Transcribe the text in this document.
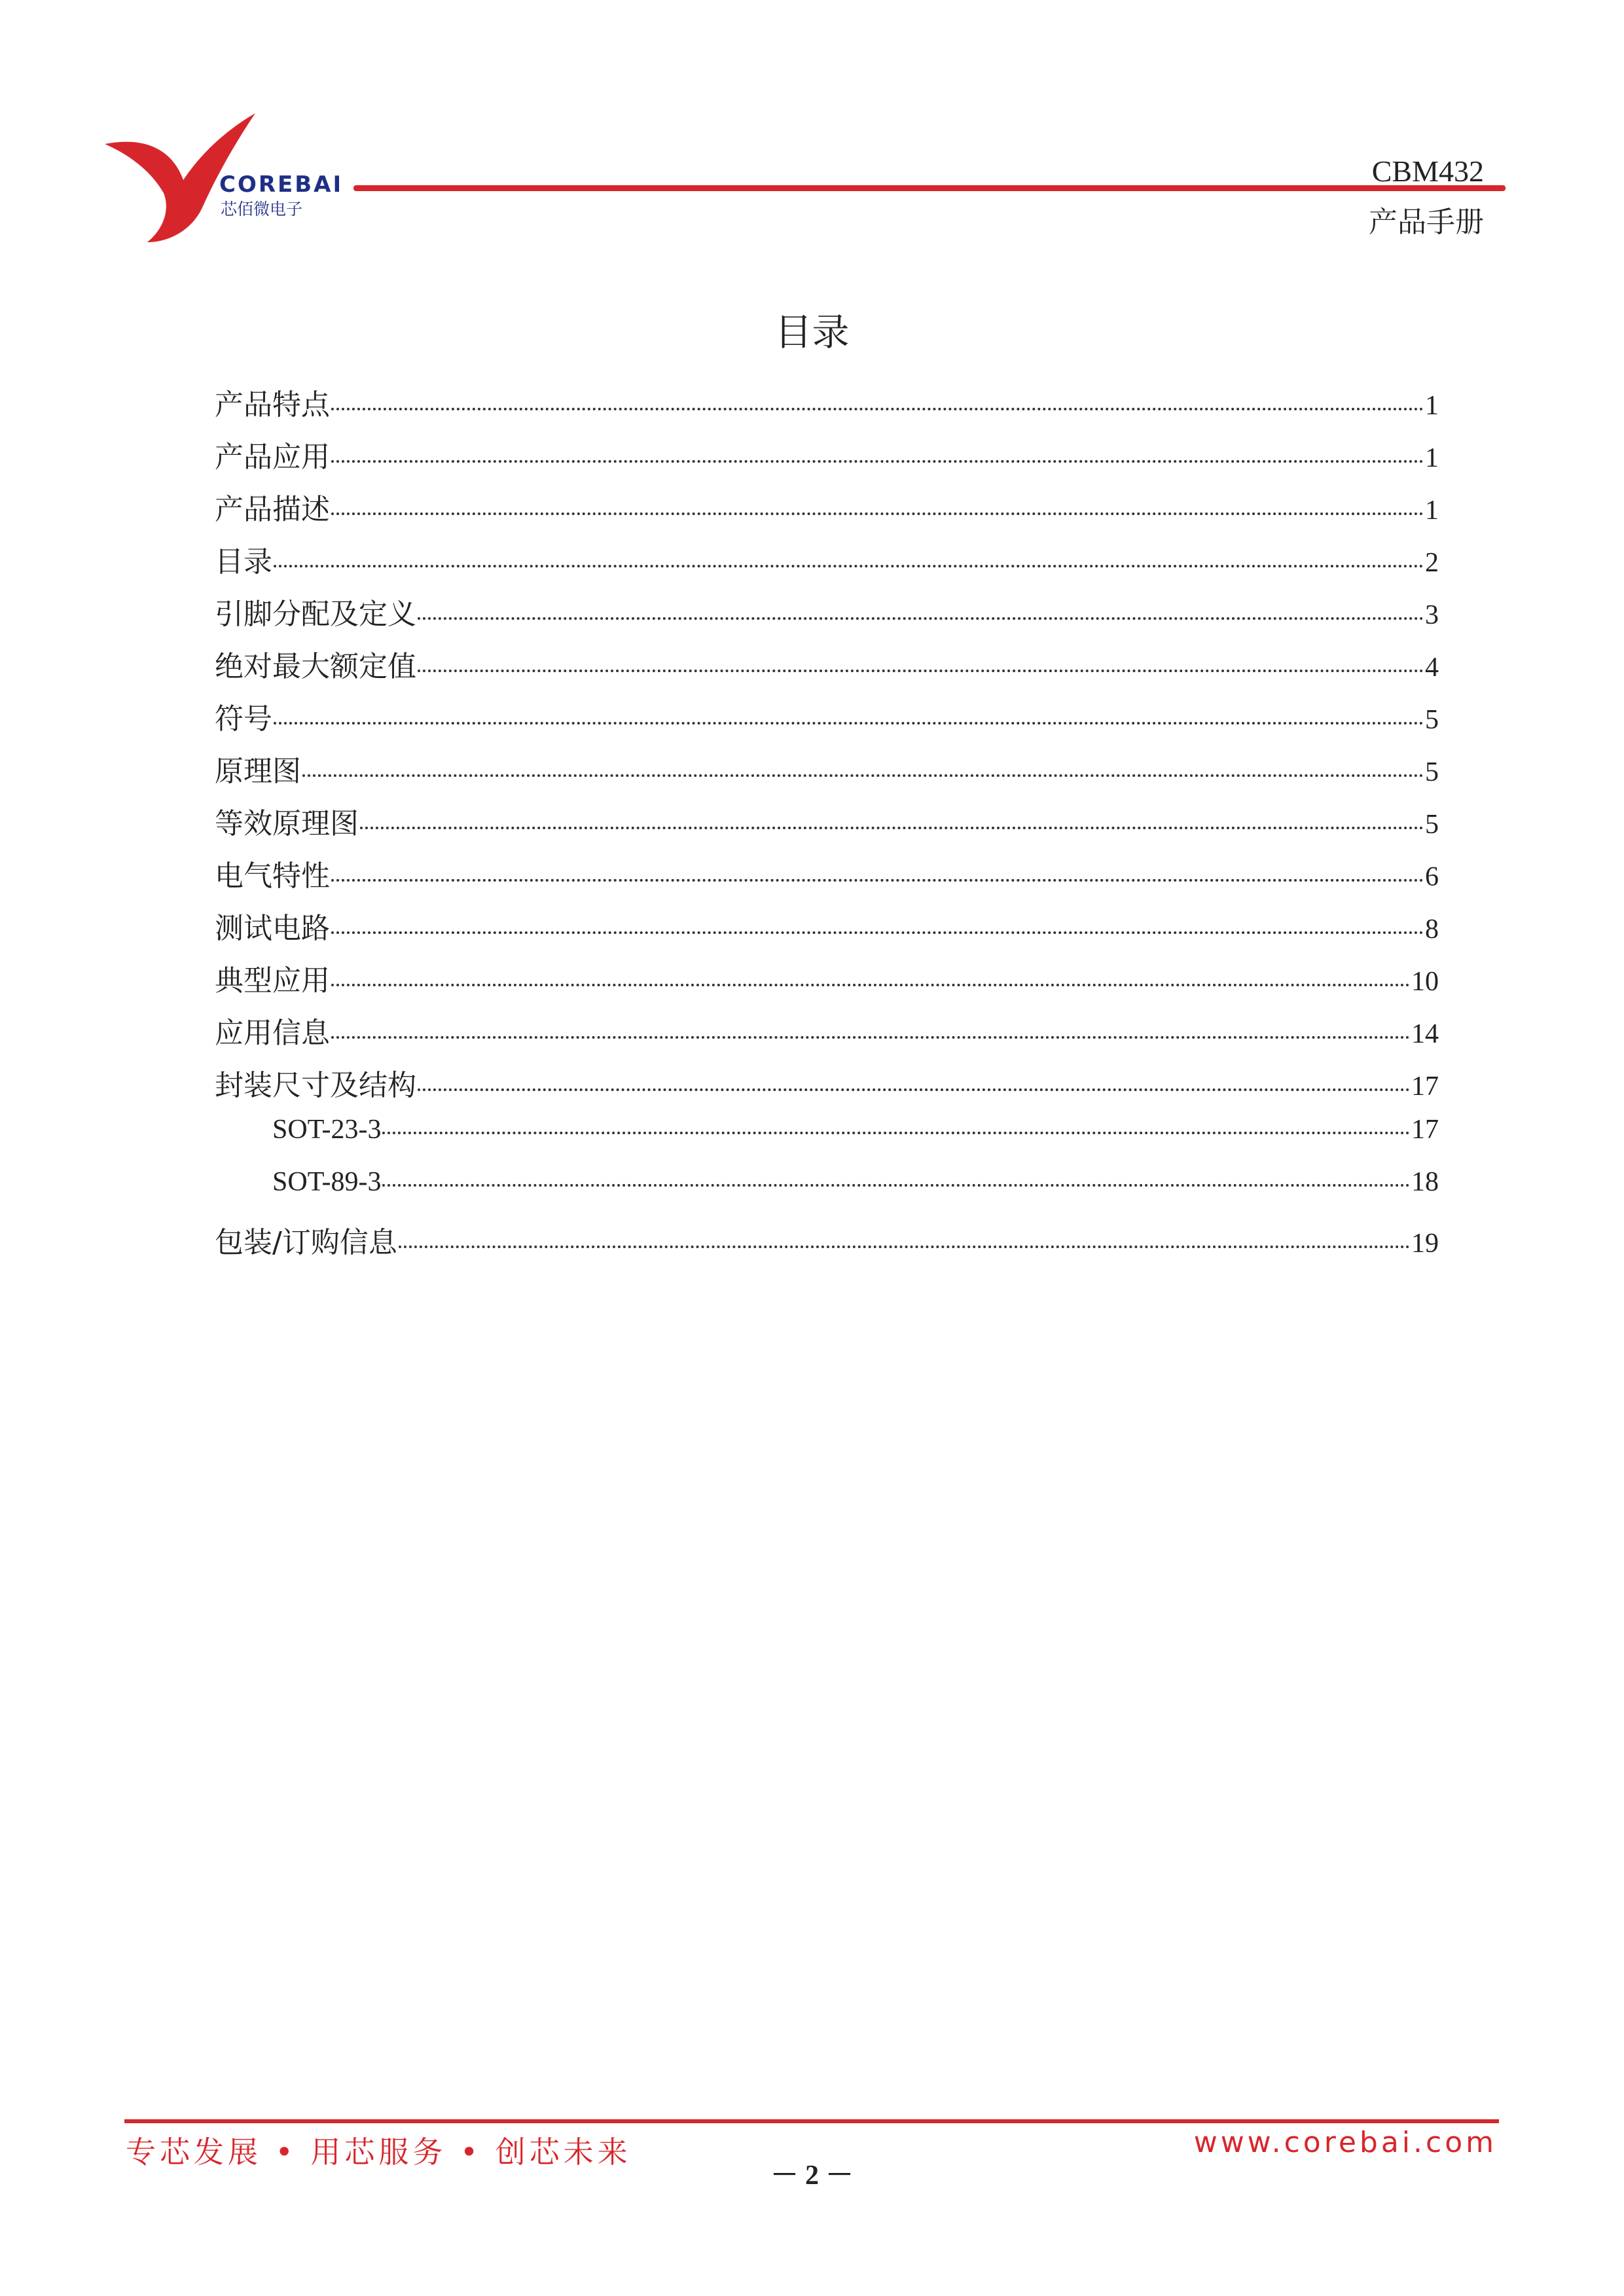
COREBAI
芯佰微电子
CBM432
产品手册
目录
产品特点	1
产品应用	1
产品描述	1
目录	2
引脚分配及定义	3
绝对最大额定值	4
符号	5
原理图	5
等效原理图	5
电气特性	6
测试电路	8
典型应用	10
应用信息	14
封装尺寸及结构	17
SOT-23-3	17
SOT-89-3	18
包装/订购信息	19
专芯发展 • 用芯服务 • 创芯未来	www.corebai.com
－ 2 －
